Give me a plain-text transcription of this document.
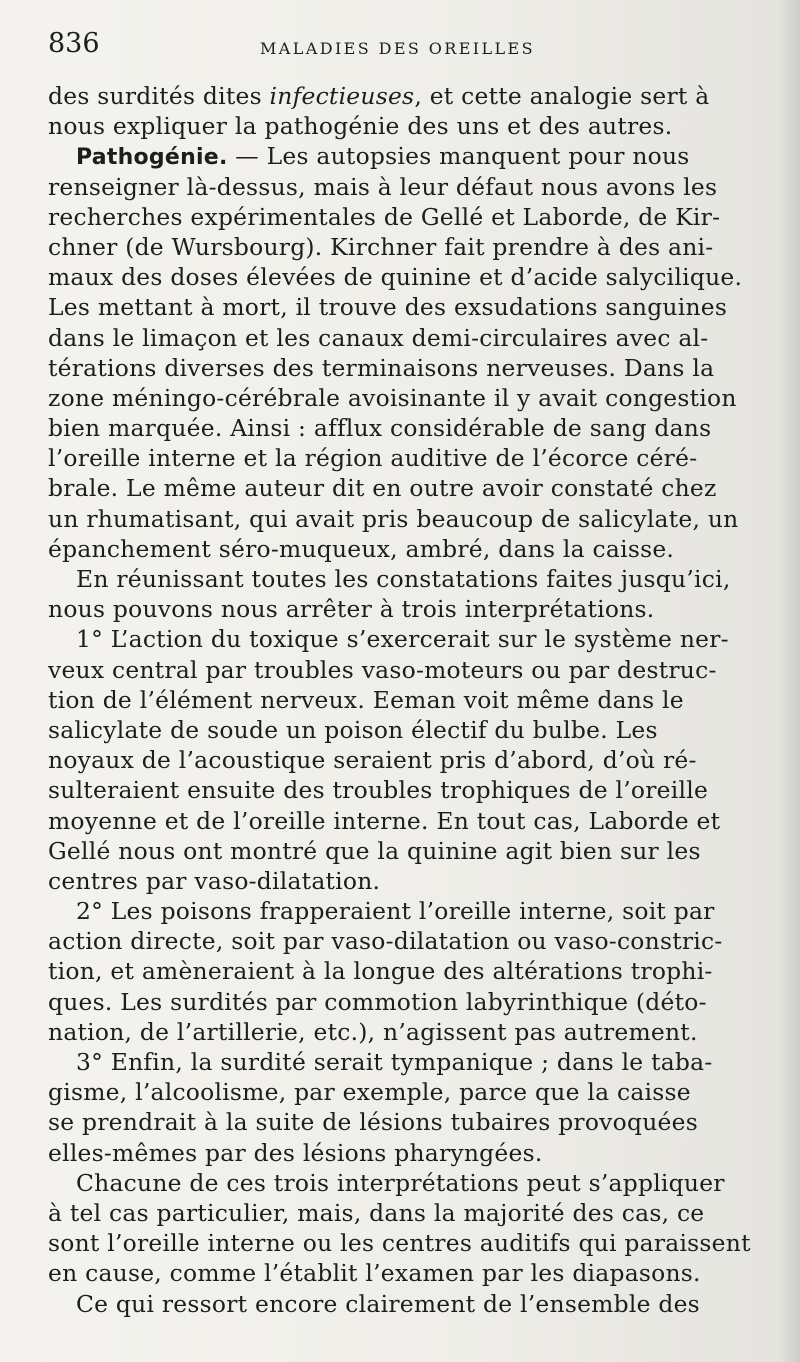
836	MALADIES DES OREILLES
des surdités dites infectieuses, et cette analogie sert à
nous expliquer la pathogénie des uns et des autres.
Pathogénie. — Les autopsies manquent pour nous
renseigner là-dessus, mais à leur défaut nous avons les
recherches expérimentales de Gellé et Laborde, de Kir-
chner (de Wursbourg). Kirchner fait prendre à des ani-
maux des doses élevées de quinine et d’acide salycilique.
Les mettant à mort, il trouve des exsudations sanguines
dans le limaçon et les canaux demi-circulaires avec al-
térations diverses des terminaisons nerveuses. Dans la
zone méningo-cérébrale avoisinante il y avait congestion
bien marquée. Ainsi : afflux considérable de sang dans
l’oreille interne et la région auditive de l’écorce céré-
brale. Le même auteur dit en outre avoir constaté chez
un rhumatisant, qui avait pris beaucoup de salicylate, un
épanchement séro-muqueux, ambré, dans la caisse.
En réunissant toutes les constatations faites jusqu’ici,
nous pouvons nous arrêter à trois interprétations.
1° L’action du toxique s’exercerait sur le système ner-
veux central par troubles vaso-moteurs ou par destruc-
tion de l’élément nerveux. Eeman voit même dans le
salicylate de soude un poison électif du bulbe. Les
noyaux de l’acoustique seraient pris d’abord, d’où ré-
sulteraient ensuite des troubles trophiques de l’oreille
moyenne et de l’oreille interne. En tout cas, Laborde et
Gellé nous ont montré que la quinine agit bien sur les
centres par vaso-dilatation.
2° Les poisons frapperaient l’oreille interne, soit par
action directe, soit par vaso-dilatation ou vaso-constric-
tion, et amèneraient à la longue des altérations trophi-
ques. Les surdités par commotion labyrinthique (déto-
nation, de l’artillerie, etc.), n’agissent pas autrement.
3° Enfin, la surdité serait tympanique ; dans le taba-
gisme, l’alcoolisme, par exemple, parce que la caisse
se prendrait à la suite de lésions tubaires provoquées
elles-mêmes par des lésions pharyngées.
Chacune de ces trois interprétations peut s’appliquer
à tel cas particulier, mais, dans la majorité des cas, ce
sont l’oreille interne ou les centres auditifs qui paraissent
en cause, comme l’établit l’examen par les diapasons.
Ce qui ressort encore clairement de l’ensemble des
